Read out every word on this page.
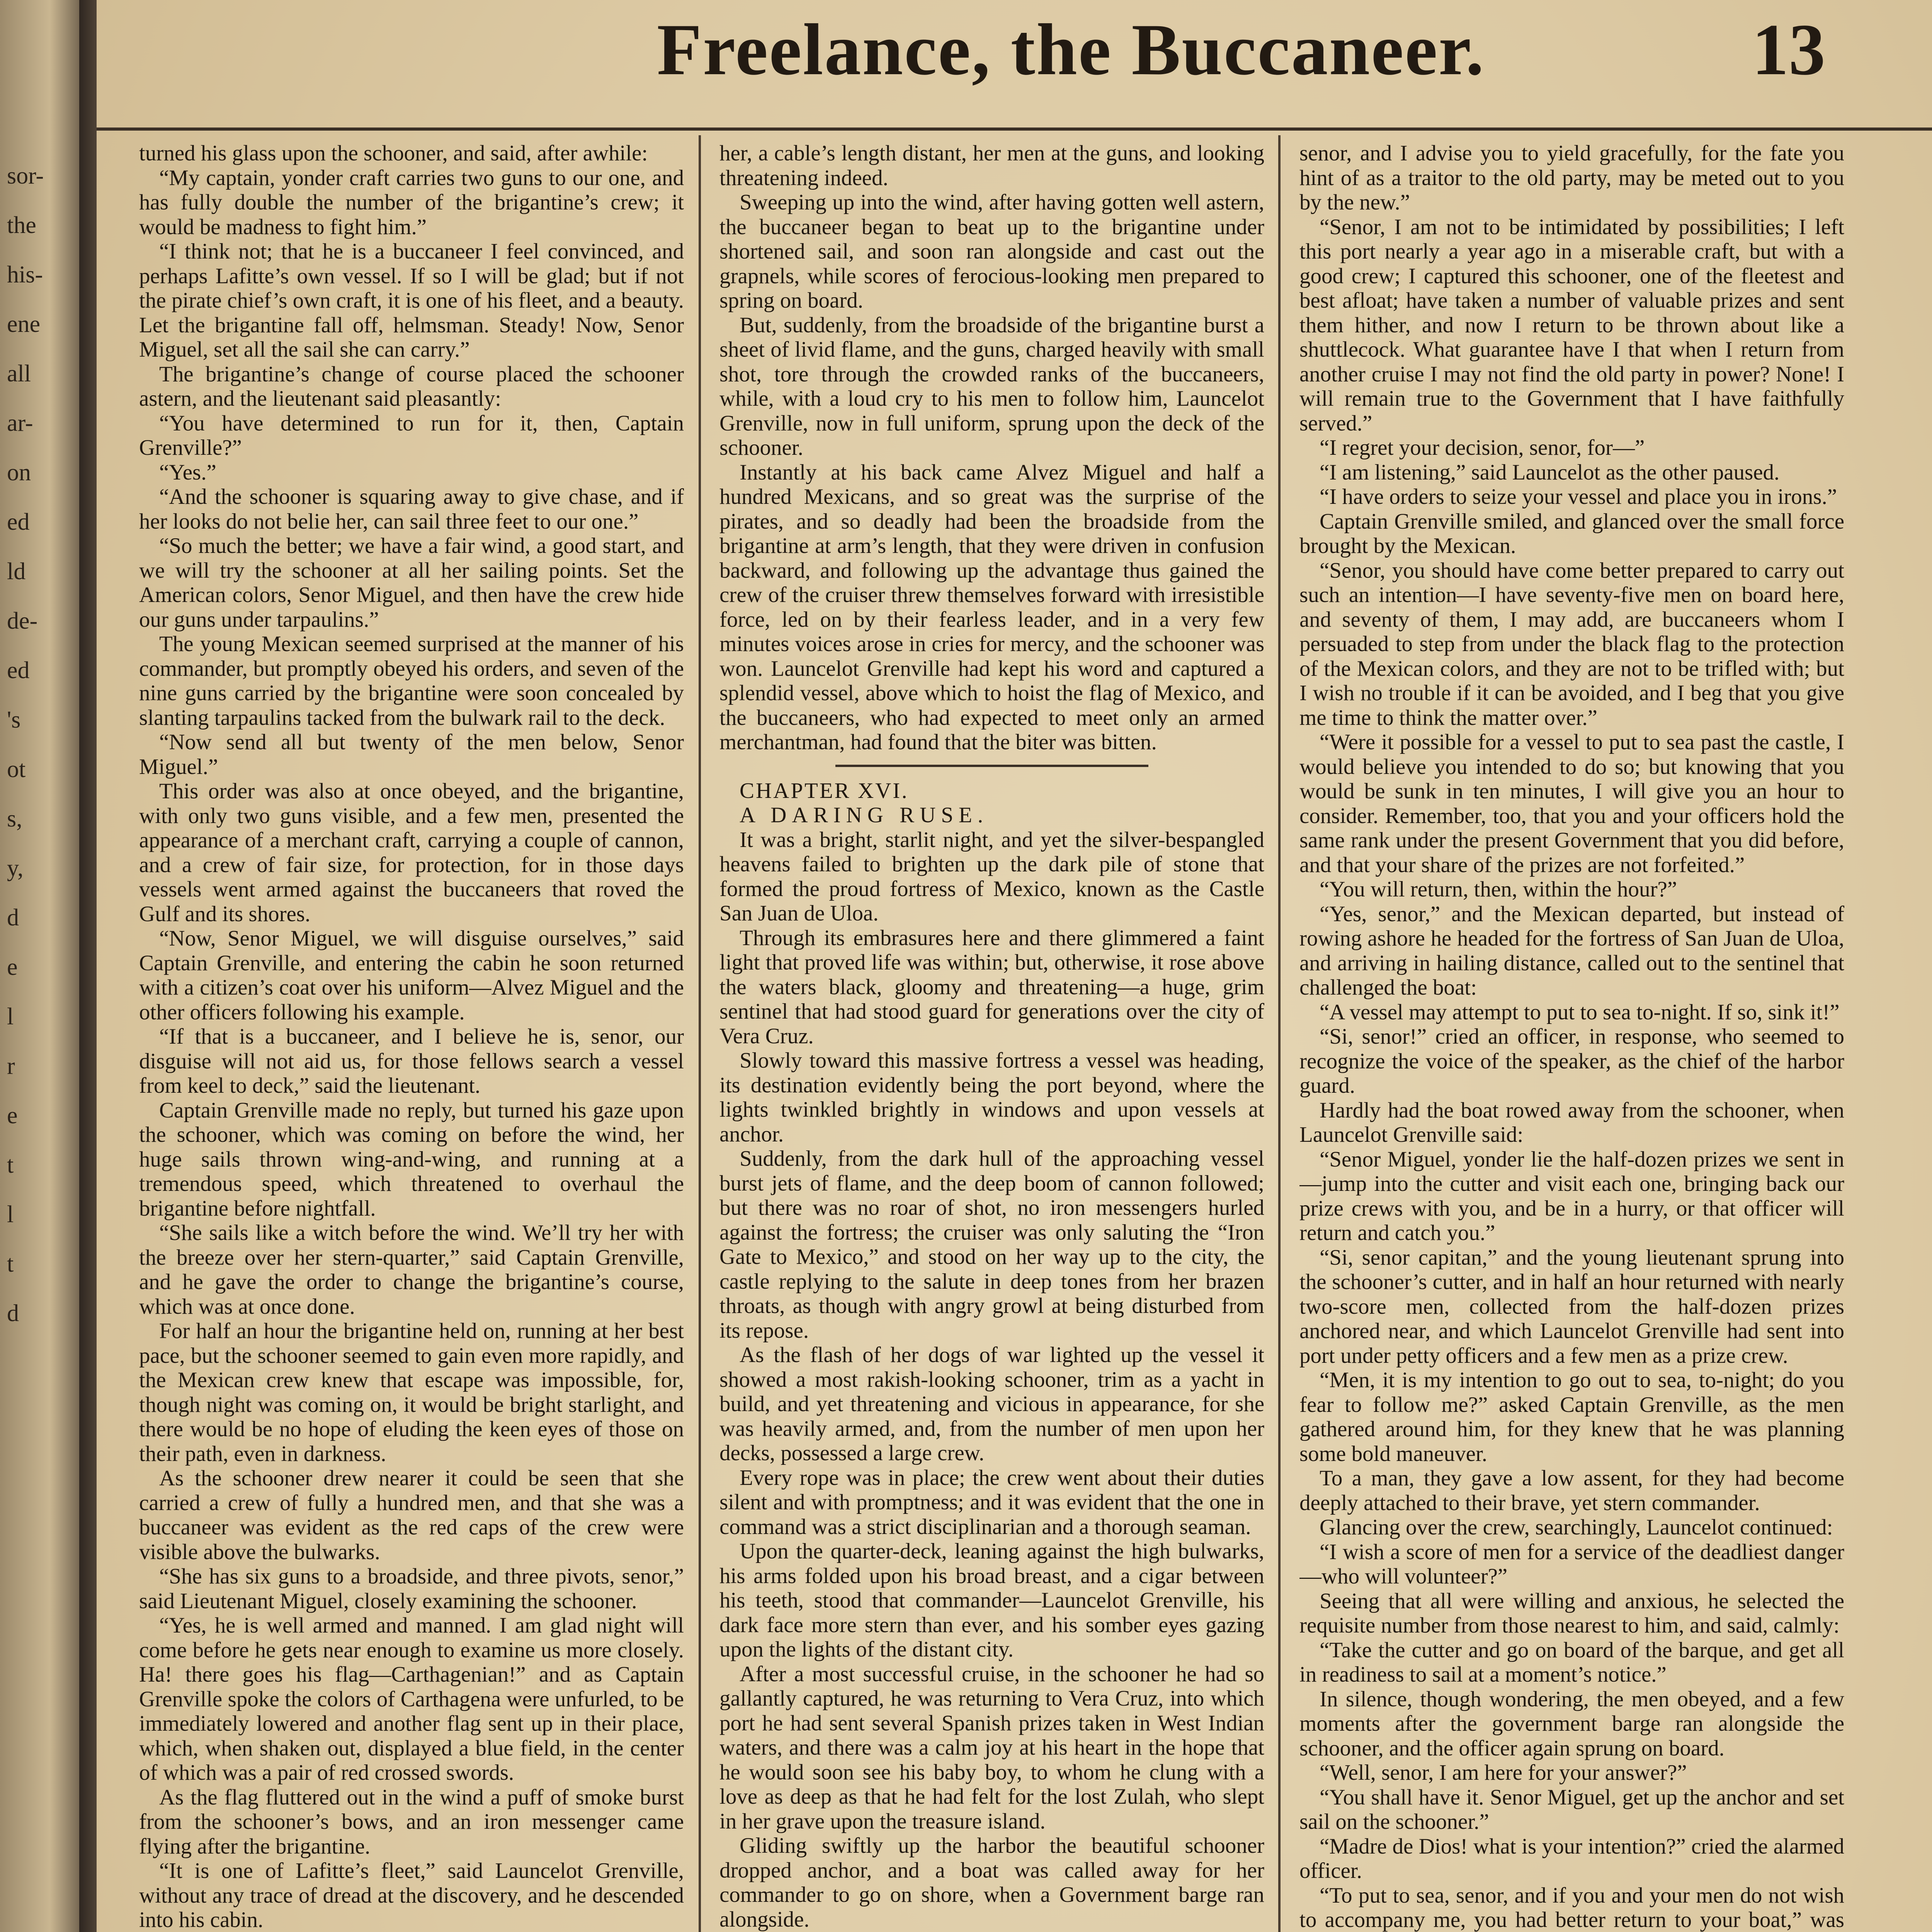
sor-
the
his-
ene
all
ar-
on
ed
ld
de-
ed
's
ot
s,
y,
d
e
l
r
e
t
l
t
d
Freelance, the Buccaneer.	13

turned his glass upon the schooner, and said, after awhile:

“My captain, yonder craft carries two guns to our one, and has fully double the number of the brigantine’s crew; it would be madness to fight him.”

“I think not; that he is a buccaneer I feel convinced, and perhaps Lafitte’s own vessel. If so I will be glad; but if not the pirate chief’s own craft, it is one of his fleet, and a beauty. Let the brigantine fall off, helmsman. Steady! Now, Senor Miguel, set all the sail she can carry.”

The brigantine’s change of course placed the schooner astern, and the lieutenant said pleasantly:

“You have determined to run for it, then, Captain Grenville?”

“Yes.”

“And the schooner is squaring away to give chase, and if her looks do not belie her, can sail three feet to our one.”

“So much the better; we have a fair wind, a good start, and we will try the schooner at all her sailing points. Set the American colors, Senor Miguel, and then have the crew hide our guns under tarpaulins.”

The young Mexican seemed surprised at the manner of his commander, but promptly obeyed his orders, and seven of the nine guns carried by the brigantine were soon concealed by slanting tarpaulins tacked from the bulwark rail to the deck.

“Now send all but twenty of the men below, Senor Miguel.”

This order was also at once obeyed, and the brigantine, with only two guns visible, and a few men, presented the appearance of a merchant craft, carrying a couple of cannon, and a crew of fair size, for protection, for in those days vessels went armed against the buccaneers that roved the Gulf and its shores.

“Now, Senor Miguel, we will disguise ourselves,” said Captain Grenville, and entering the cabin he soon returned with a citizen’s coat over his uniform—Alvez Miguel and the other officers following his example.

“If that is a buccaneer, and I believe he is, senor, our disguise will not aid us, for those fellows search a vessel from keel to deck,” said the lieutenant.

Captain Grenville made no reply, but turned his gaze upon the schooner, which was coming on before the wind, her huge sails thrown wing-and-wing, and running at a tremendous speed, which threatened to overhaul the brigantine before nightfall.

“She sails like a witch before the wind. We’ll try her with the breeze over her stern-quarter,” said Captain Grenville, and he gave the order to change the brigantine’s course, which was at once done.

For half an hour the brigantine held on, running at her best pace, but the schooner seemed to gain even more rapidly, and the Mexican crew knew that escape was impossible, for, though night was coming on, it would be bright starlight, and there would be no hope of eluding the keen eyes of those on their path, even in darkness.

As the schooner drew nearer it could be seen that she carried a crew of fully a hundred men, and that she was a buccaneer was evident as the red caps of the crew were visible above the bulwarks.

“She has six guns to a broadside, and three pivots, senor,” said Lieutenant Miguel, closely examining the schooner.

“Yes, he is well armed and manned. I am glad night will come before he gets near enough to examine us more closely. Ha! there goes his flag—Carthagenian!” and as Captain Grenville spoke the colors of Carthagena were unfurled, to be immediately lowered and another flag sent up in their place, which, when shaken out, displayed a blue field, in the center of which was a pair of red crossed swords.

As the flag fluttered out in the wind a puff of smoke burst from the schooner’s bows, and an iron messenger came flying after the brigantine.

“It is one of Lafitte’s fleet,” said Launcelot Grenville, without any trace of dread at the discovery, and he descended into his cabin.

her, a cable’s length distant, her men at the guns, and looking threatening indeed.

Sweeping up into the wind, after having gotten well astern, the buccaneer began to beat up to the brigantine under shortened sail, and soon ran alongside and cast out the grapnels, while scores of ferocious-looking men prepared to spring on board.

But, suddenly, from the broadside of the brigantine burst a sheet of livid flame, and the guns, charged heavily with small shot, tore through the crowded ranks of the buccaneers, while, with a loud cry to his men to follow him, Launcelot Grenville, now in full uniform, sprung upon the deck of the schooner.

Instantly at his back came Alvez Miguel and half a hundred Mexicans, and so great was the surprise of the pirates, and so deadly had been the broadside from the brigantine at arm’s length, that they were driven in confusion backward, and following up the advantage thus gained the crew of the cruiser threw themselves forward with irresistible force, led on by their fearless leader, and in a very few minutes voices arose in cries for mercy, and the schooner was won. Launcelot Grenville had kept his word and captured a splendid vessel, above which to hoist the flag of Mexico, and the buccaneers, who had expected to meet only an armed merchantman, had found that the biter was bitten.

CHAPTER XVI.

A DARING RUSE.

It was a bright, starlit night, and yet the silver-bespangled heavens failed to brighten up the dark pile of stone that formed the proud fortress of Mexico, known as the Castle San Juan de Uloa.

Through its embrasures here and there glimmered a faint light that proved life was within; but, otherwise, it rose above the waters black, gloomy and threatening—a huge, grim sentinel that had stood guard for generations over the city of Vera Cruz.

Slowly toward this massive fortress a vessel was heading, its destination evidently being the port beyond, where the lights twinkled brightly in windows and upon vessels at anchor.

Suddenly, from the dark hull of the approaching vessel burst jets of flame, and the deep boom of cannon followed; but there was no roar of shot, no iron messengers hurled against the fortress; the cruiser was only saluting the “Iron Gate to Mexico,” and stood on her way up to the city, the castle replying to the salute in deep tones from her brazen throats, as though with angry growl at being disturbed from its repose.

As the flash of her dogs of war lighted up the vessel it showed a most rakish-looking schooner, trim as a yacht in build, and yet threatening and vicious in appearance, for she was heavily armed, and, from the number of men upon her decks, possessed a large crew.

Every rope was in place; the crew went about their duties silent and with promptness; and it was evident that the one in command was a strict disciplinarian and a thorough seaman.

Upon the quarter-deck, leaning against the high bulwarks, his arms folded upon his broad breast, and a cigar between his teeth, stood that commander—Launcelot Grenville, his dark face more stern than ever, and his somber eyes gazing upon the lights of the distant city.

After a most successful cruise, in the schooner he had so gallantly captured, he was returning to Vera Cruz, into which port he had sent several Spanish prizes taken in West Indian waters, and there was a calm joy at his heart in the hope that he would soon see his baby boy, to whom he clung with a love as deep as that he had felt for the lost Zulah, who slept in her grave upon the treasure island.

Gliding swiftly up the harbor the beautiful schooner dropped anchor, and a boat was called away for her commander to go on shore, when a Government barge ran alongside.

senor, and I advise you to yield gracefully, for the fate you hint of as a traitor to the old party, may be meted out to you by the new.”

“Senor, I am not to be intimidated by possibilities; I left this port nearly a year ago in a miserable craft, but with a good crew; I captured this schooner, one of the fleetest and best afloat; have taken a number of valuable prizes and sent them hither, and now I return to be thrown about like a shuttlecock. What guarantee have I that when I return from another cruise I may not find the old party in power? None! I will remain true to the Government that I have faithfully served.”

“I regret your decision, senor, for—”

“I am listening,” said Launcelot as the other paused.

“I have orders to seize your vessel and place you in irons.”

Captain Grenville smiled, and glanced over the small force brought by the Mexican.

“Senor, you should have come better prepared to carry out such an intention—I have seventy-five men on board here, and seventy of them, I may add, are buccaneers whom I persuaded to step from under the black flag to the protection of the Mexican colors, and they are not to be trifled with; but I wish no trouble if it can be avoided, and I beg that you give me time to think the matter over.”

“Were it possible for a vessel to put to sea past the castle, I would believe you intended to do so; but knowing that you would be sunk in ten minutes, I will give you an hour to consider. Remember, too, that you and your officers hold the same rank under the present Government that you did before, and that your share of the prizes are not forfeited.”

“You will return, then, within the hour?”

“Yes, senor,” and the Mexican departed, but instead of rowing ashore he headed for the fortress of San Juan de Uloa, and arriving in hailing distance, called out to the sentinel that challenged the boat:

“A vessel may attempt to put to sea to-night. If so, sink it!”

“Si, senor!” cried an officer, in response, who seemed to recognize the voice of the speaker, as the chief of the harbor guard.

Hardly had the boat rowed away from the schooner, when Launcelot Grenville said:

“Senor Miguel, yonder lie the half-dozen prizes we sent in—jump into the cutter and visit each one, bringing back our prize crews with you, and be in a hurry, or that officer will return and catch you.”

“Si, senor capitan,” and the young lieutenant sprung into the schooner’s cutter, and in half an hour returned with nearly two-score men, collected from the half-dozen prizes anchored near, and which Launcelot Grenville had sent into port under petty officers and a few men as a prize crew.

“Men, it is my intention to go out to sea, to-night; do you fear to follow me?” asked Captain Grenville, as the men gathered around him, for they knew that he was planning some bold maneuver.

To a man, they gave a low assent, for they had become deeply attached to their brave, yet stern commander.

Glancing over the crew, searchingly, Launcelot continued:

“I wish a score of men for a service of the deadliest danger—who will volunteer?”

Seeing that all were willing and anxious, he selected the requisite number from those nearest to him, and said, calmly:

“Take the cutter and go on board of the barque, and get all in readiness to sail at a moment’s notice.”

In silence, though wondering, the men obeyed, and a few moments after the government barge ran alongside the schooner, and the officer again sprung on board.

“Well, senor, I am here for your answer?”

“You shall have it. Senor Miguel, get up the anchor and set sail on the schooner.”

“Madre de Dios! what is your intention?” cried the alarmed officer.

“To put to sea, senor, and if you and your men do not wish to accompany me, you had better return to your boat,” was
